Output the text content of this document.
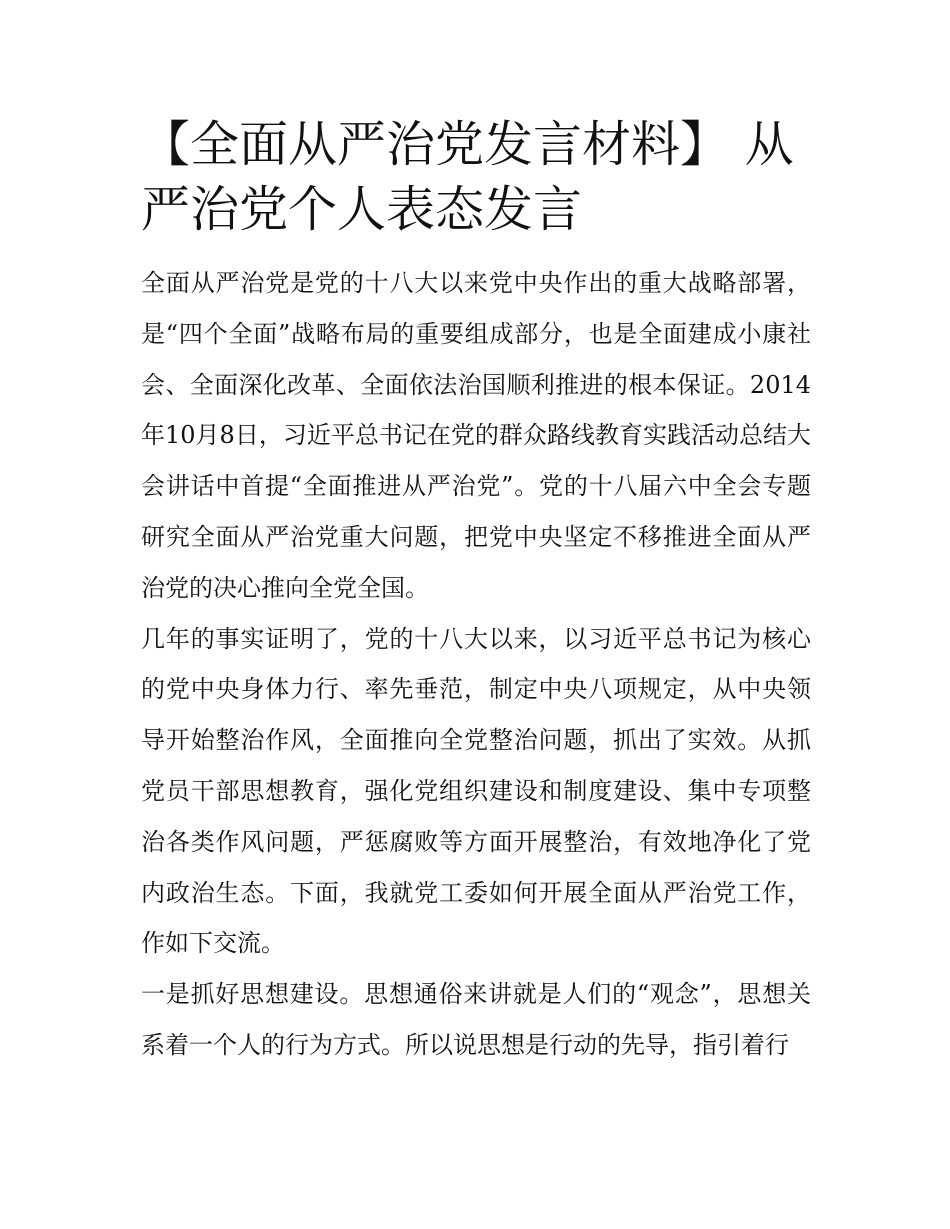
【全面从严治党发言材料】 从严治党个人表态发言

全面从严治党是党的十八大以来党中央作出的重大战略部署，是“四个全面”战略布局的重要组成部分，也是全面建成小康社会、全面深化改革、全面依法治国顺利推进的根本保证。2014年10月8日，习近平总书记在党的群众路线教育实践活动总结大会讲话中首提“全面推进从严治党”。党的十八届六中全会专题研究全面从严治党重大问题，把党中央坚定不移推进全面从严治党的决心推向全党全国。

几年的事实证明了，党的十八大以来，以习近平总书记为核心的党中央身体力行、率先垂范，制定中央八项规定，从中央领导开始整治作风，全面推向全党整治问题，抓出了实效。从抓党员干部思想教育，强化党组织建设和制度建设、集中专项整治各类作风问题，严惩腐败等方面开展整治，有效地净化了党内政治生态。下面，我就党工委如何开展全面从严治党工作，作如下交流。

一是抓好思想建设。思想通俗来讲就是人们的“观念”，思想关系着一个人的行为方式。所以说思想是行动的先导，指引着行
